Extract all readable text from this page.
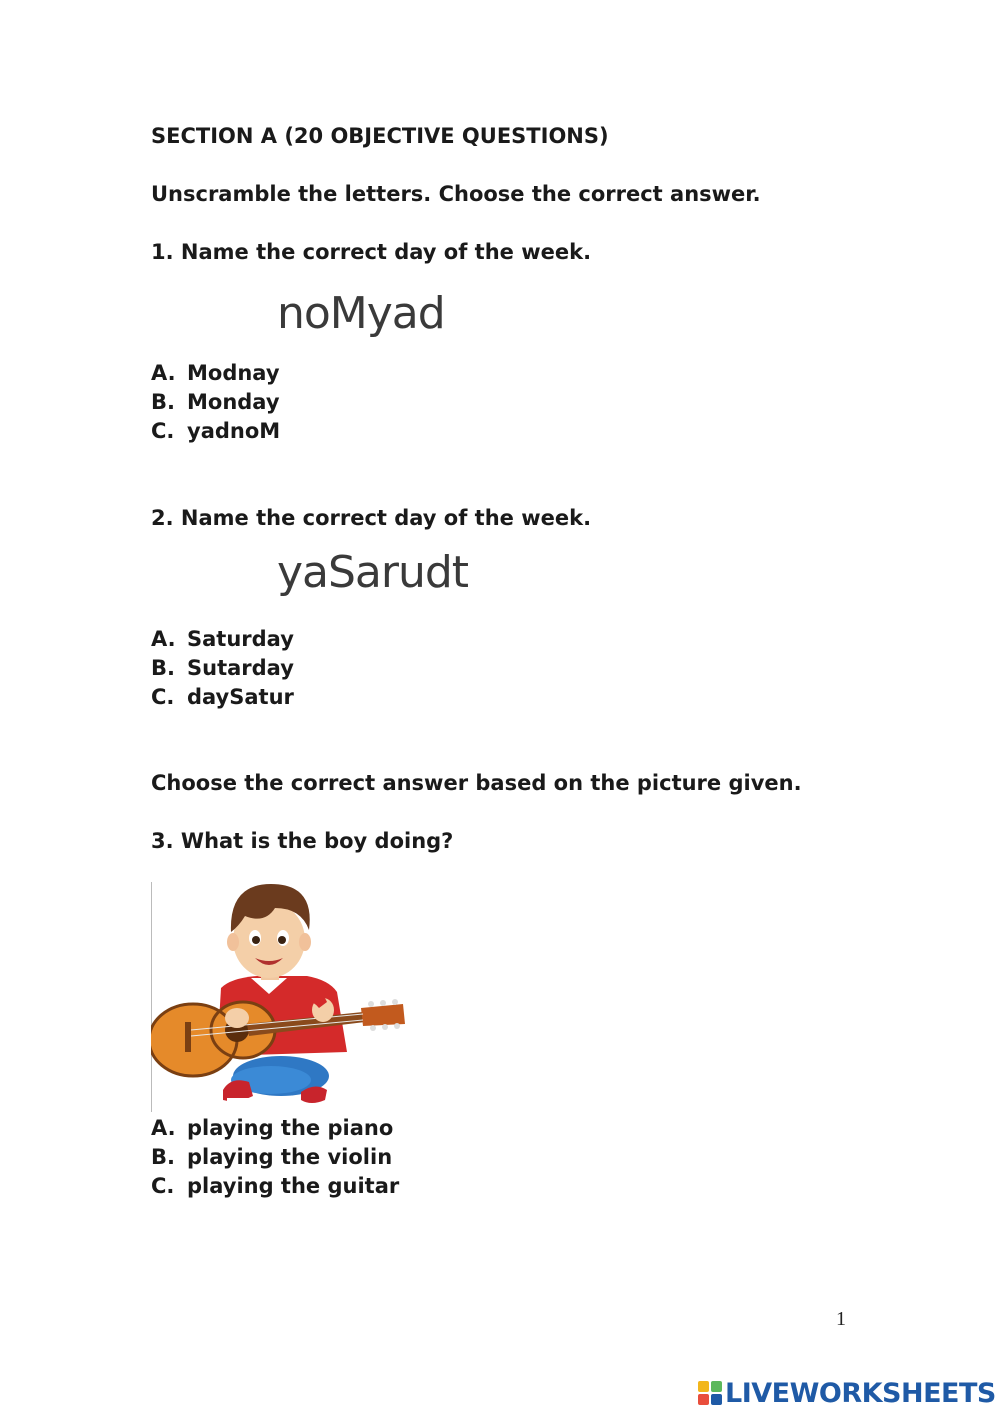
SECTION A (20 OBJECTIVE QUESTIONS)
Unscramble the letters. Choose the correct answer.
1. Name the correct day of the week.
noMyad
A. Modnay
B. Monday
C. yadnoM
2. Name the correct day of the week.
yaSarudt
A. Saturday
B. Sutarday
C. daySatur
Choose the correct answer based on the picture given.
3. What is the boy doing?
A. playing the piano
B. playing the violin
C. playing the guitar
1
LIVEWORKSHEETS
